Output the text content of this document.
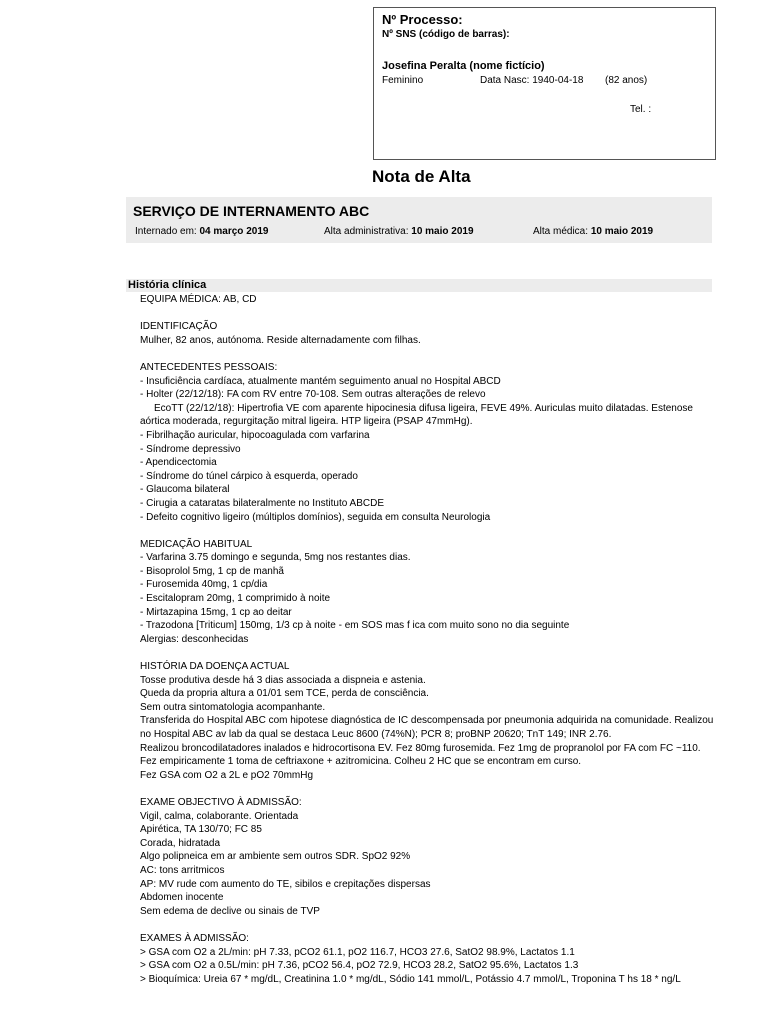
Nº Processo:
Nº SNS (código de barras):
Josefina Peralta (nome fictício)
Feminino	Data Nasc: 1940-04-18 (82 anos)
Tel. :
Nota de Alta
SERVIÇO DE INTERNAMENTO ABC
Internado em: 04 março 2019	Alta administrativa: 10 maio 2019	Alta médica: 10 maio 2019
História clínica
EQUIPA MÉDICA: AB, CD
IDENTIFICAÇÃO
Mulher, 82 anos, autónoma. Reside alternadamente com filhas.
ANTECEDENTES PESSOAIS:
- Insuficiência cardíaca, atualmente mantém seguimento anual no Hospital ABCD
- Holter (22/12/18): FA com RV entre 70-108. Sem outras alterações de relevo
EcoTT (22/12/18): Hipertrofia VE com aparente hipocinesia difusa ligeira, FEVE 49%. Auriculas muito dilatadas. Estenose
aórtica moderada, regurgitação mitral ligeira. HTP ligeira (PSAP 47mmHg).
- Fibrilhação auricular, hipocoagulada com varfarina
- Síndrome depressivo
- Apendicectomia
- Síndrome do túnel cárpico à esquerda, operado
- Glaucoma bilateral
- Cirugia a cataratas bilateralmente no Instituto ABCDE
- Defeito cognitivo ligeiro (múltiplos domínios), seguida em consulta Neurologia
MEDICAÇÃO HABITUAL
- Varfarina 3.75 domingo e segunda, 5mg nos restantes dias.
- Bisoprolol 5mg, 1 cp de manhã
- Furosemida 40mg, 1 cp/dia
- Escitalopram 20mg, 1 comprimido à noite
- Mirtazapina 15mg, 1 cp ao deitar
- Trazodona [Triticum] 150mg, 1/3 cp à noite - em SOS mas f ica com muito sono no dia seguinte
Alergias: desconhecidas
HISTÓRIA DA DOENÇA ACTUAL
Tosse produtiva desde há 3 dias associada a dispneia e astenia.
Queda da propria altura a 01/01 sem TCE, perda de consciência.
Sem outra sintomatologia acompanhante.
Transferida do Hospital ABC com hipotese diagnóstica de IC descompensada por pneumonia adquirida na comunidade. Realizou
no Hospital ABC av lab da qual se destaca Leuc 8600 (74%N); PCR 8; proBNP 20620; TnT 149; INR 2.76.
Realizou broncodilatadores inalados e hidrocortisona EV. Fez 80mg furosemida. Fez 1mg de propranolol por FA com FC ~110.
Fez empiricamente 1 toma de ceftriaxone + azitromicina. Colheu 2 HC que se encontram em curso.
Fez GSA com O2 a 2L e pO2 70mmHg
EXAME OBJECTIVO À ADMISSÃO:
Vigil, calma, colaborante. Orientada
Apirética, TA 130/70; FC 85
Corada, hidratada
Algo polipneica em ar ambiente sem outros SDR. SpO2 92%
AC: tons arritmicos
AP: MV rude com aumento do TE, sibilos e crepitações dispersas
Abdomen inocente
Sem edema de declive ou sinais de TVP
EXAMES À ADMISSÃO:
> GSA com O2 a 2L/min: pH 7.33, pCO2 61.1, pO2 116.7, HCO3 27.6, SatO2 98.9%, Lactatos 1.1
> GSA com O2 a 0.5L/min: pH 7.36, pCO2 56.4, pO2 72.9, HCO3 28.2, SatO2 95.6%, Lactatos 1.3
> Bioquímica: Ureia 67 * mg/dL, Creatinina 1.0 * mg/dL, Sódio 141 mmol/L, Potássio 4.7 mmol/L, Troponina T hs 18 * ng/L
